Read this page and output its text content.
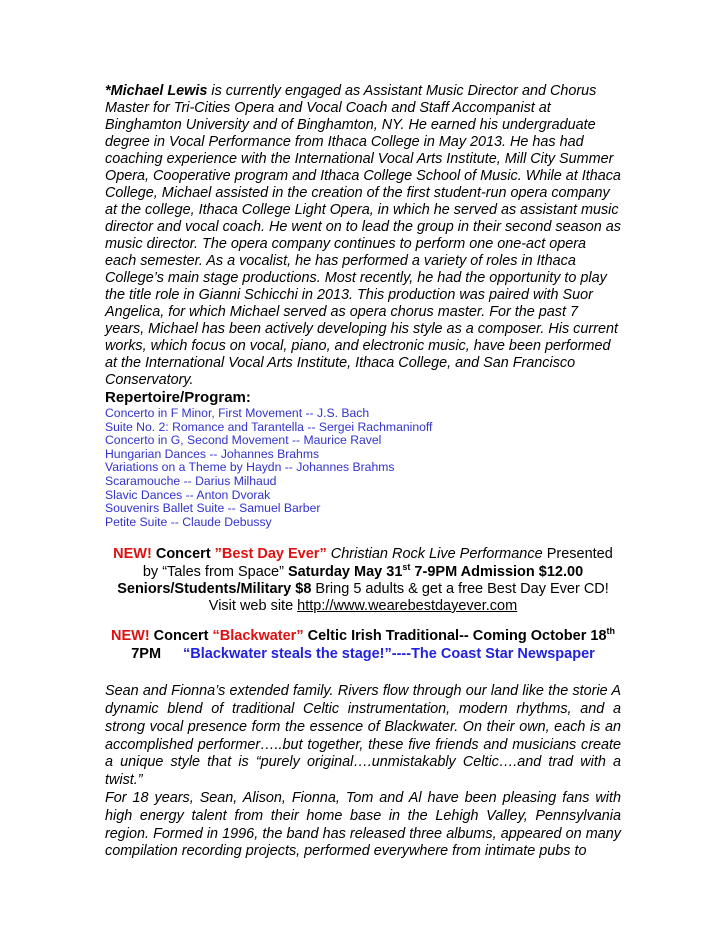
*Michael Lewis is currently engaged as Assistant Music Director and Chorus Master for Tri-Cities Opera and Vocal Coach and Staff Accompanist at Binghamton University and of Binghamton, NY. He earned his undergraduate degree in Vocal Performance from Ithaca College in May 2013. He has had coaching experience with the International Vocal Arts Institute, Mill City Summer Opera, Cooperative program and Ithaca College School of Music. While at Ithaca College, Michael assisted in the creation of the first student-run opera company at the college, Ithaca College Light Opera, in which he served as assistant music director and vocal coach. He went on to lead the group in their second season as music director. The opera company continues to perform one one-act opera each semester. As a vocalist, he has performed a variety of roles in Ithaca College’s main stage productions. Most recently, he had the opportunity to play the title role in Gianni Schicchi in 2013. This production was paired with Suor Angelica, for which Michael served as opera chorus master. For the past 7 years, Michael has been actively developing his style as a composer. His current works, which focus on vocal, piano, and electronic music, have been performed at the International Vocal Arts Institute, Ithaca College, and San Francisco Conservatory.

Repertoire/Program:
Concerto in F Minor, First Movement -- J.S. Bach
Suite No. 2: Romance and Tarantella -- Sergei Rachmaninoff
Concerto in G, Second Movement -- Maurice Ravel
Hungarian Dances -- Johannes Brahms
Variations on a Theme by Haydn -- Johannes Brahms
Scaramouche -- Darius Milhaud
Slavic Dances -- Anton Dvorak
Souvenirs Ballet Suite -- Samuel Barber
Petite Suite -- Claude Debussy
NEW! Concert ”Best Day Ever” Christian Rock Live Performance Presented by “Tales from Space” Saturday May 31st 7-9PM Admission $12.00 Seniors/Students/Military $8 Bring 5 adults & get a free Best Day Ever CD! Visit web site http://www.wearebestdayever.com
NEW! Concert “Blackwater” Celtic Irish Traditional-- Coming October 18th
7PM “Blackwater steals the stage!”----The Coast Star Newspaper

Sean and Fionna’s extended family. Rivers flow through our land like the storie A dynamic blend of traditional Celtic instrumentation, modern rhythms, and a strong vocal presence form the essence of Blackwater. On their own, each is an accomplished performer…..but together, these five friends and musicians create a unique style that is “purely original….unmistakably Celtic….and trad with a twist.”

For 18 years, Sean, Alison, Fionna, Tom and Al have been pleasing fans with high energy talent from their home base in the Lehigh Valley, Pennsylvania region. Formed in 1996, the band has released three albums, appeared on many compilation recording projects, performed everywhere from intimate pubs to
